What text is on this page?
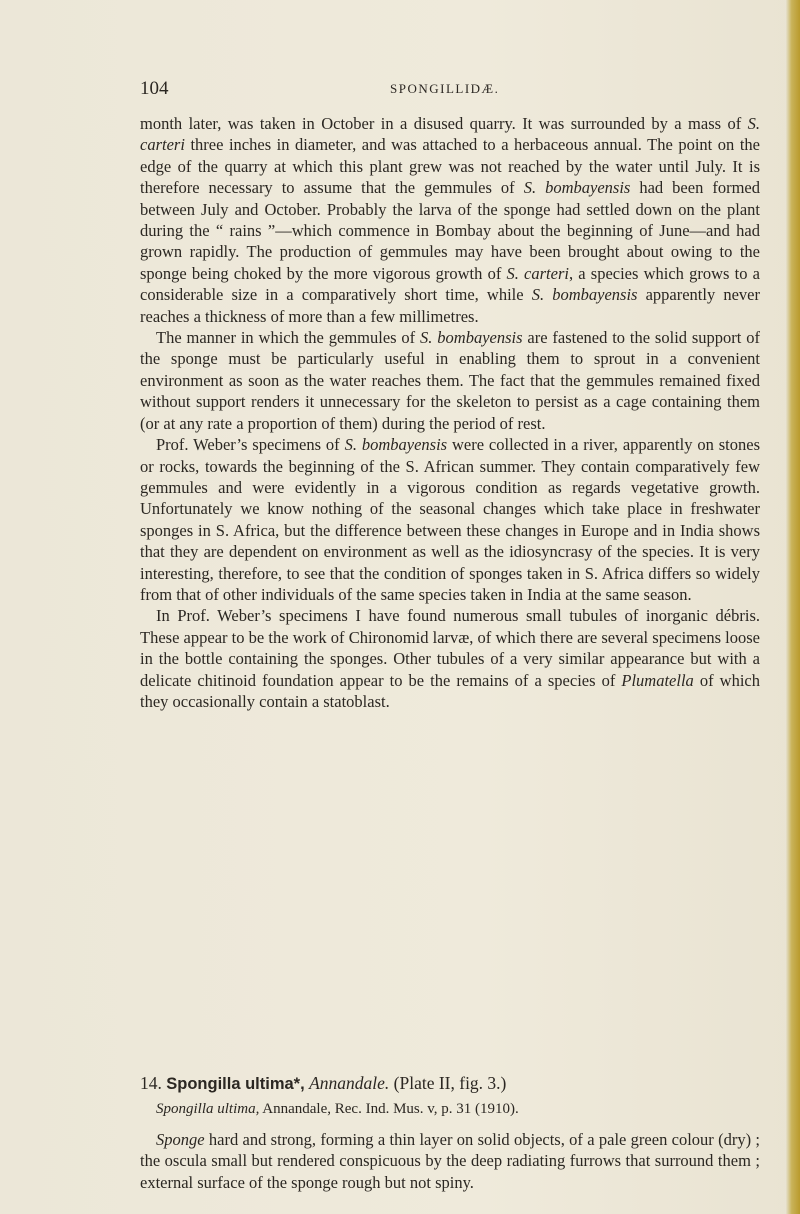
104	SPONGILLIDÆ.

month later, was taken in October in a disused quarry. It was surrounded by a mass of S. carteri three inches in diameter, and was attached to a herbaceous annual. The point on the edge of the quarry at which this plant grew was not reached by the water until July. It is therefore necessary to assume that the gemmules of S. bombayensis had been formed between July and October. Probably the larva of the sponge had settled down on the plant during the “ rains ”—which commence in Bombay about the beginning of June—and had grown rapidly. The production of gemmules may have been brought about owing to the sponge being choked by the more vigorous growth of S. carteri, a species which grows to a considerable size in a comparatively short time, while S. bombayensis apparently never reaches a thickness of more than a few millimetres.

The manner in which the gemmules of S. bombayensis are fastened to the solid support of the sponge must be particularly useful in enabling them to sprout in a convenient environment as soon as the water reaches them. The fact that the gemmules remained fixed without support renders it unnecessary for the skeleton to persist as a cage containing them (or at any rate a proportion of them) during the period of rest.

Prof. Weber’s specimens of S. bombayensis were collected in a river, apparently on stones or rocks, towards the beginning of the S. African summer. They contain comparatively few gemmules and were evidently in a vigorous condition as regards vegetative growth. Unfortunately we know nothing of the seasonal changes which take place in freshwater sponges in S. Africa, but the difference between these changes in Europe and in India shows that they are dependent on environment as well as the idiosyncrasy of the species. It is very interesting, therefore, to see that the condition of sponges taken in S. Africa differs so widely from that of other individuals of the same species taken in India at the same season.

In Prof. Weber’s specimens I have found numerous small tubules of inorganic débris. These appear to be the work of Chironomid larvæ, of which there are several specimens loose in the bottle containing the sponges. Other tubules of a very similar appearance but with a delicate chitinoid foundation appear to be the remains of a species of Plumatella of which they occasionally contain a statoblast.

14. Spongilla ultima*, Annandale. (Plate II, fig. 3.)

Spongilla ultima, Annandale, Rec. Ind. Mus. v, p. 31 (1910).

Sponge hard and strong, forming a thin layer on solid objects, of a pale green colour (dry) ; the oscula small but rendered conspicuous by the deep radiating furrows that surround them ; external surface of the sponge rough but not spiny.
